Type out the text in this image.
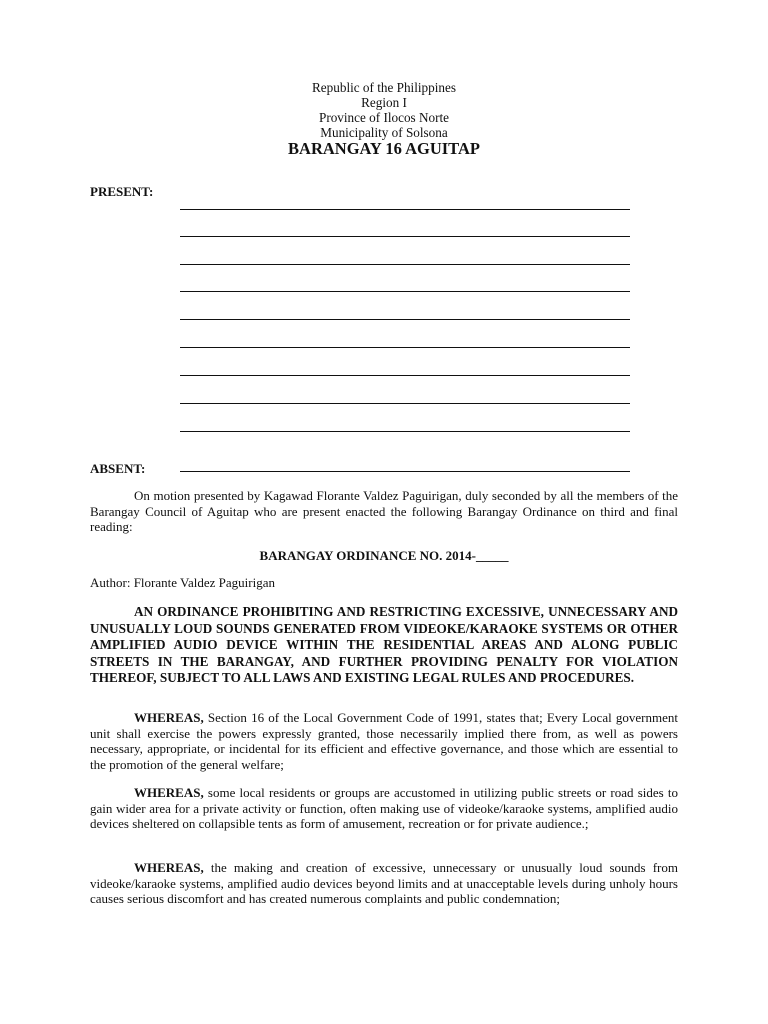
Republic of the Philippines
Region I
Province of Ilocos Norte
Municipality of Solsona
BARANGAY 16 AGUITAP
PRESENT:
ABSENT:
On motion presented by Kagawad Florante Valdez Paguirigan, duly seconded by all the members of the Barangay Council of Aguitap who are present enacted the following Barangay Ordinance on third and final reading:
BARANGAY ORDINANCE NO. 2014-_____
Author: Florante Valdez Paguirigan
AN ORDINANCE PROHIBITING AND RESTRICTING EXCESSIVE, UNNECESSARY AND UNUSUALLY LOUD SOUNDS GENERATED FROM VIDEOKE/KARAOKE SYSTEMS OR OTHER AMPLIFIED AUDIO DEVICE WITHIN THE RESIDENTIAL AREAS AND ALONG PUBLIC STREETS IN THE BARANGAY, AND FURTHER PROVIDING PENALTY FOR VIOLATION THEREOF, SUBJECT TO ALL LAWS AND EXISTING LEGAL RULES AND PROCEDURES.
WHEREAS, Section 16 of the Local Government Code of 1991, states that; Every Local government unit shall exercise the powers expressly granted, those necessarily implied there from, as well as powers necessary, appropriate, or incidental for its efficient and effective governance, and those which are essential to the promotion of the general welfare;
WHEREAS, some local residents or groups are accustomed in utilizing public streets or road sides to gain wider area for a private activity or function, often making use of videoke/karaoke systems, amplified audio devices sheltered on collapsible tents as form of amusement, recreation or for private audience.;
WHEREAS, the making and creation of excessive, unnecessary or unusually loud sounds from videoke/karaoke systems, amplified audio devices beyond limits and at unacceptable levels during unholy hours causes serious discomfort and has created numerous complaints and public condemnation;
